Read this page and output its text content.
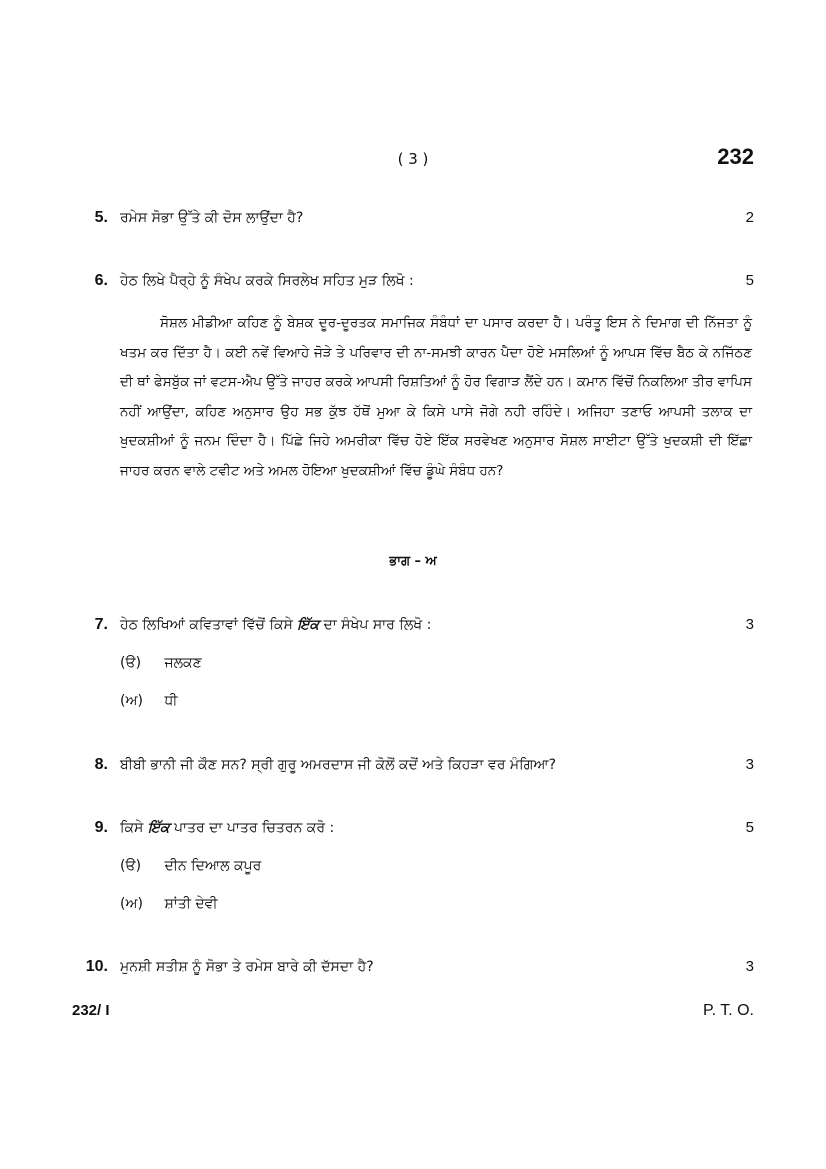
( 3 )	232
5. ਰਮੇਸ ਸੋਭਾ ਉੱਤੇ ਕੀ ਦੋਸ ਲਾਉਂਦਾ ਹੈ?	2
6. ਹੇਠ ਲਿਖੇ ਪੈਰ੍ਹੇ ਨੂੰ ਸੰਖੇਪ ਕਰਕੇ ਸਿਰਲੇਖ ਸਹਿਤ ਮੁੜ ਲਿਖੋ :	5
ਸੋਸ਼ਲ ਮੀਡੀਆ ਕਹਿਣ ਨੂੰ ਬੇਸ਼ਕ ਦੂਰ-ਦੂਰਤਕ ਸਮਾਜਿਕ ਸੰਬੰਧਾਂ ਦਾ ਪਸਾਰ ਕਰਦਾ ਹੈ। ਪਰੰਤੂ ਇਸ ਨੇ ਦਿਮਾਗ ਦੀ ਨਿੱਜਤਾ ਨੂੰ ਖਤਮ ਕਰ ਦਿੱਤਾ ਹੈ। ਕਈ ਨਵੇਂ ਵਿਆਹੇ ਜੋੜੇ ਤੇ ਪਰਿਵਾਰ ਦੀ ਨਾ-ਸਮਝੀ ਕਾਰਨ ਪੈਦਾ ਹੋਏ ਮਸਲਿਆਂ ਨੂੰ ਆਪਸ ਵਿੱਚ ਬੈਠ ਕੇ ਨਜਿੱਠਣ ਦੀ ਥਾਂ ਫੇਸਬੁੱਕ ਜਾਂ ਵਟਸ-ਐਪ ਉੱਤੇ ਜਾਹਰ ਕਰਕੇ ਆਪਸੀ ਰਿਸ਼ਤਿਆਂ ਨੂੰ ਹੋਰ ਵਿਗਾੜ ਲੈਂਦੇ ਹਨ। ਕਮਾਨ ਵਿੱਚੋਂ ਨਿਕਲਿਆ ਤੀਰ ਵਾਪਿਸ ਨਹੀਂ ਆਉਂਦਾ, ਕਹਿਣ ਅਨੁਸਾਰ ਉਹ ਸਭ ਕੁੱਝ ਹੱਥੋਂ ਮੁਆ ਕੇ ਕਿਸੇ ਪਾਸੇ ਜੋਗੇ ਨਹੀ ਰਹਿੰਦੇ। ਅਜਿਹਾ ਤਣਾਓ ਆਪਸੀ ਤਲਾਕ ਦਾ ਖੁਦਕਸ਼ੀਆਂ ਨੂੰ ਜਨਮ ਦਿੰਦਾ ਹੈ। ਪਿੱਛੇ ਜਿਹੇ ਅਮਰੀਕਾ ਵਿੱਚ ਹੋਏ ਇੱਕ ਸਰਵੇਖਣ ਅਨੁਸਾਰ ਸੋਸ਼ਲ ਸਾਈਟਾ ਉੱਤੇ ਖੁਦਕਸ਼ੀ ਦੀ ਇੱਛਾ ਜਾਹਰ ਕਰਨ ਵਾਲੇ ਟਵੀਟ ਅਤੇ ਅਮਲ ਹੋਇਆ ਖੁਦਕਸ਼ੀਆਂ ਵਿੱਚ ਡੂੰਘੇ ਸੰਬੰਧ ਹਨ?
ਭਾਗ – ਅ
7. ਹੇਠ ਲਿਖਿਆਂ ਕਵਿਤਾਵਾਂ ਵਿੱਚੋਂ ਕਿਸੇ ਇੱਕ ਦਾ ਸੰਖੇਪ ਸਾਰ ਲਿਖੋ :	3
(ੳ) ਜਲਕਣ
(ਅ) ਧੀ
8. ਬੀਬੀ ਭਾਨੀ ਜੀ ਕੌਣ ਸਨ? ਸ੍ਰੀ ਗੁਰੂ ਅਮਰਦਾਸ ਜੀ ਕੋਲੋਂ ਕਦੋਂ ਅਤੇ ਕਿਹੜਾ ਵਰ ਮੰਗਿਆ?	3
9. ਕਿਸੇ ਇੱਕ ਪਾਤਰ ਦਾ ਪਾਤਰ ਚਿਤਰਨ ਕਰੋ :	5
(ੳ) ਦੀਨ ਦਿਆਲ ਕਪੂਰ
(ਅ) ਸ਼ਾਂਤੀ ਦੇਵੀ
10. ਮੁਨਸ਼ੀ ਸਤੀਸ਼ ਨੂੰ ਸੋਭਾ ਤੇ ਰਮੇਸ ਬਾਰੇ ਕੀ ਦੱਸਦਾ ਹੈ?	3
232/ I	P. T. O.
